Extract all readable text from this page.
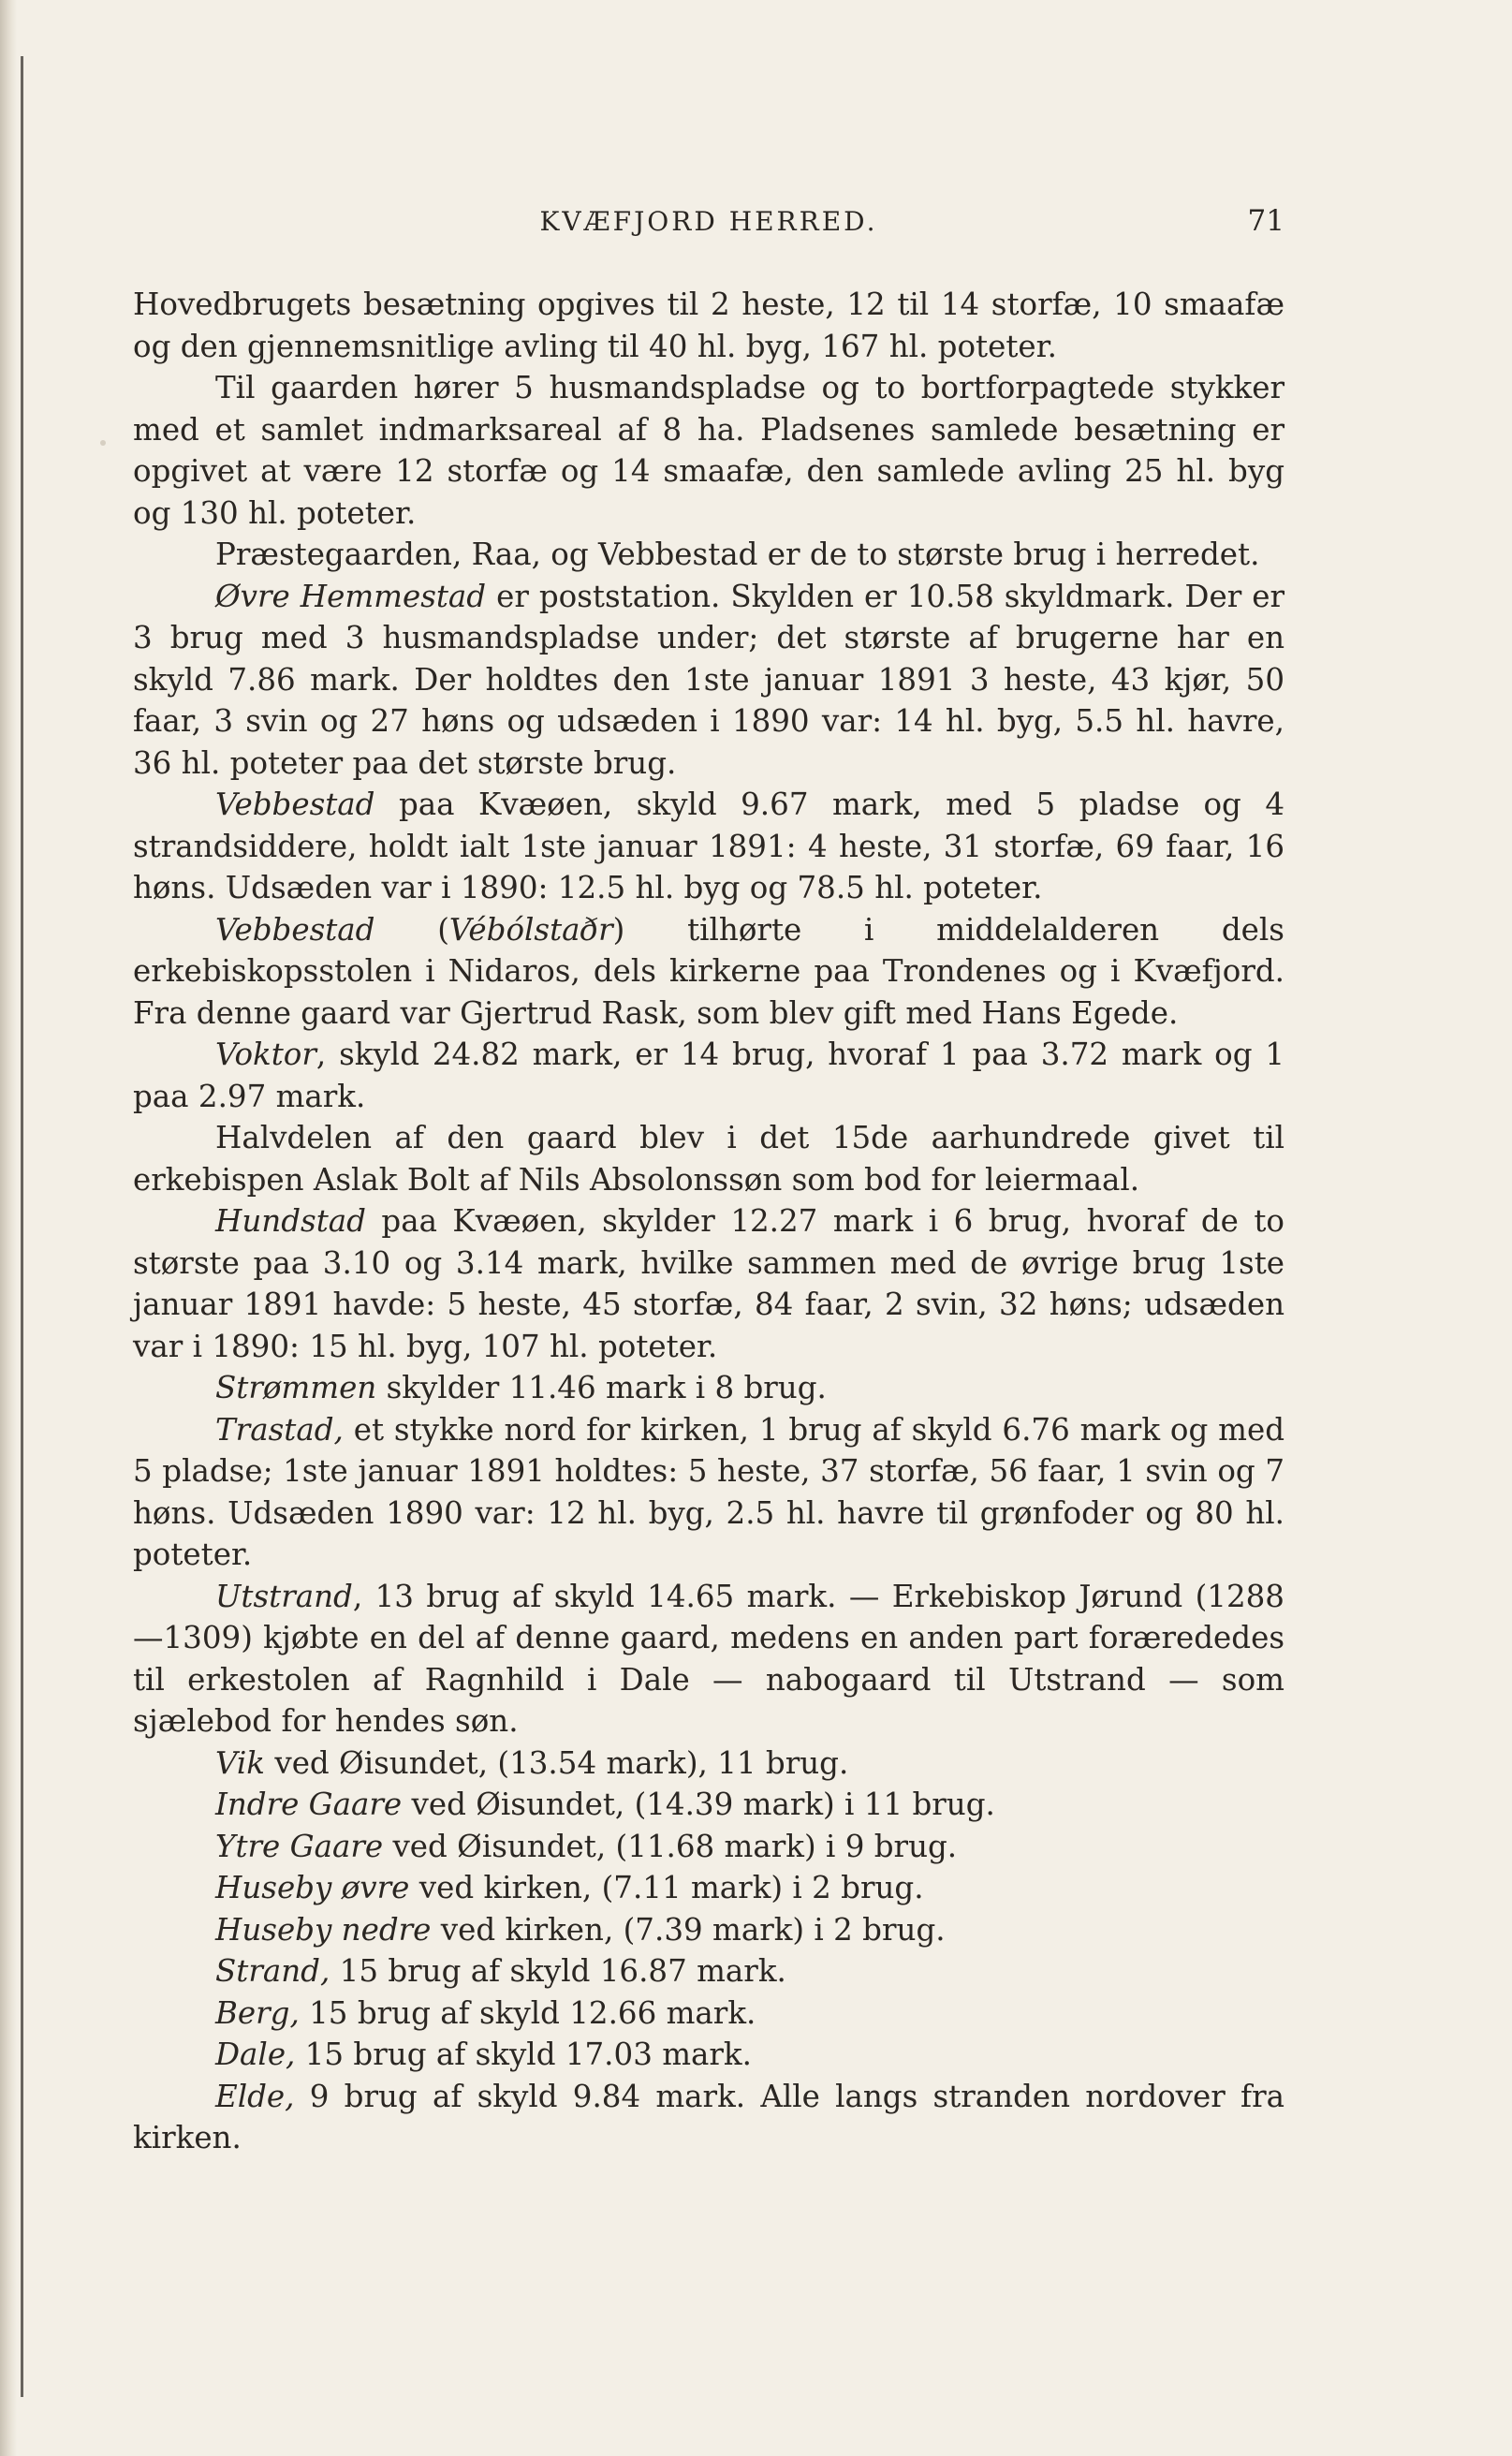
KVÆFJORD HERRED.	71

Hovedbrugets besætning opgives til 2 heste, 12 til 14 storfæ, 10 smaafæ og den gjennemsnitlige avling til 40 hl. byg, 167 hl. poteter.

Til gaarden hører 5 husmandspladse og to bortforpagtede stykker med et samlet indmarksareal af 8 ha. Pladsenes samlede besætning er opgivet at være 12 storfæ og 14 smaafæ, den samlede avling 25 hl. byg og 130 hl. poteter.

Præstegaarden, Raa, og Vebbestad er de to største brug i herredet.

Øvre Hemmestad er poststation. Skylden er 10.58 skyldmark. Der er 3 brug med 3 husmandspladse under; det største af brugerne har en skyld 7.86 mark. Der holdtes den 1ste januar 1891 3 heste, 43 kjør, 50 faar, 3 svin og 27 høns og udsæden i 1890 var: 14 hl. byg, 5.5 hl. havre, 36 hl. poteter paa det største brug.

Vebbestad paa Kvæøen, skyld 9.67 mark, med 5 pladse og 4 strandsiddere, holdt ialt 1ste januar 1891: 4 heste, 31 storfæ, 69 faar, 16 høns. Udsæden var i 1890: 12.5 hl. byg og 78.5 hl. poteter.

Vebbestad (Vébólstaðr) tilhørte i middelalderen dels erkebiskopsstolen i Nidaros, dels kirkerne paa Trondenes og i Kvæfjord. Fra denne gaard var Gjertrud Rask, som blev gift med Hans Egede.

Voktor, skyld 24.82 mark, er 14 brug, hvoraf 1 paa 3.72 mark og 1 paa 2.97 mark.

Halvdelen af den gaard blev i det 15de aarhundrede givet til erkebispen Aslak Bolt af Nils Absolonssøn som bod for leiermaal.

Hundstad paa Kvæøen, skylder 12.27 mark i 6 brug, hvoraf de to største paa 3.10 og 3.14 mark, hvilke sammen med de øvrige brug 1ste januar 1891 havde: 5 heste, 45 storfæ, 84 faar, 2 svin, 32 høns; udsæden var i 1890: 15 hl. byg, 107 hl. poteter.

Strømmen skylder 11.46 mark i 8 brug.

Trastad, et stykke nord for kirken, 1 brug af skyld 6.76 mark og med 5 pladse; 1ste januar 1891 holdtes: 5 heste, 37 storfæ, 56 faar, 1 svin og 7 høns. Udsæden 1890 var: 12 hl. byg, 2.5 hl. havre til grønfoder og 80 hl. poteter.

Utstrand, 13 brug af skyld 14.65 mark. — Erkebiskop Jørund (1288—1309) kjøbte en del af denne gaard, medens en anden part forærededes til erkestolen af Ragnhild i Dale — nabogaard til Utstrand — som sjælebod for hendes søn.

Vik ved Øisundet, (13.54 mark), 11 brug.

Indre Gaare ved Øisundet, (14.39 mark) i 11 brug.

Ytre Gaare ved Øisundet, (11.68 mark) i 9 brug.

Huseby øvre ved kirken, (7.11 mark) i 2 brug.

Huseby nedre ved kirken, (7.39 mark) i 2 brug.

Strand, 15 brug af skyld 16.87 mark.

Berg, 15 brug af skyld 12.66 mark.

Dale, 15 brug af skyld 17.03 mark.

Elde, 9 brug af skyld 9.84 mark. Alle langs stranden nordover fra kirken.
